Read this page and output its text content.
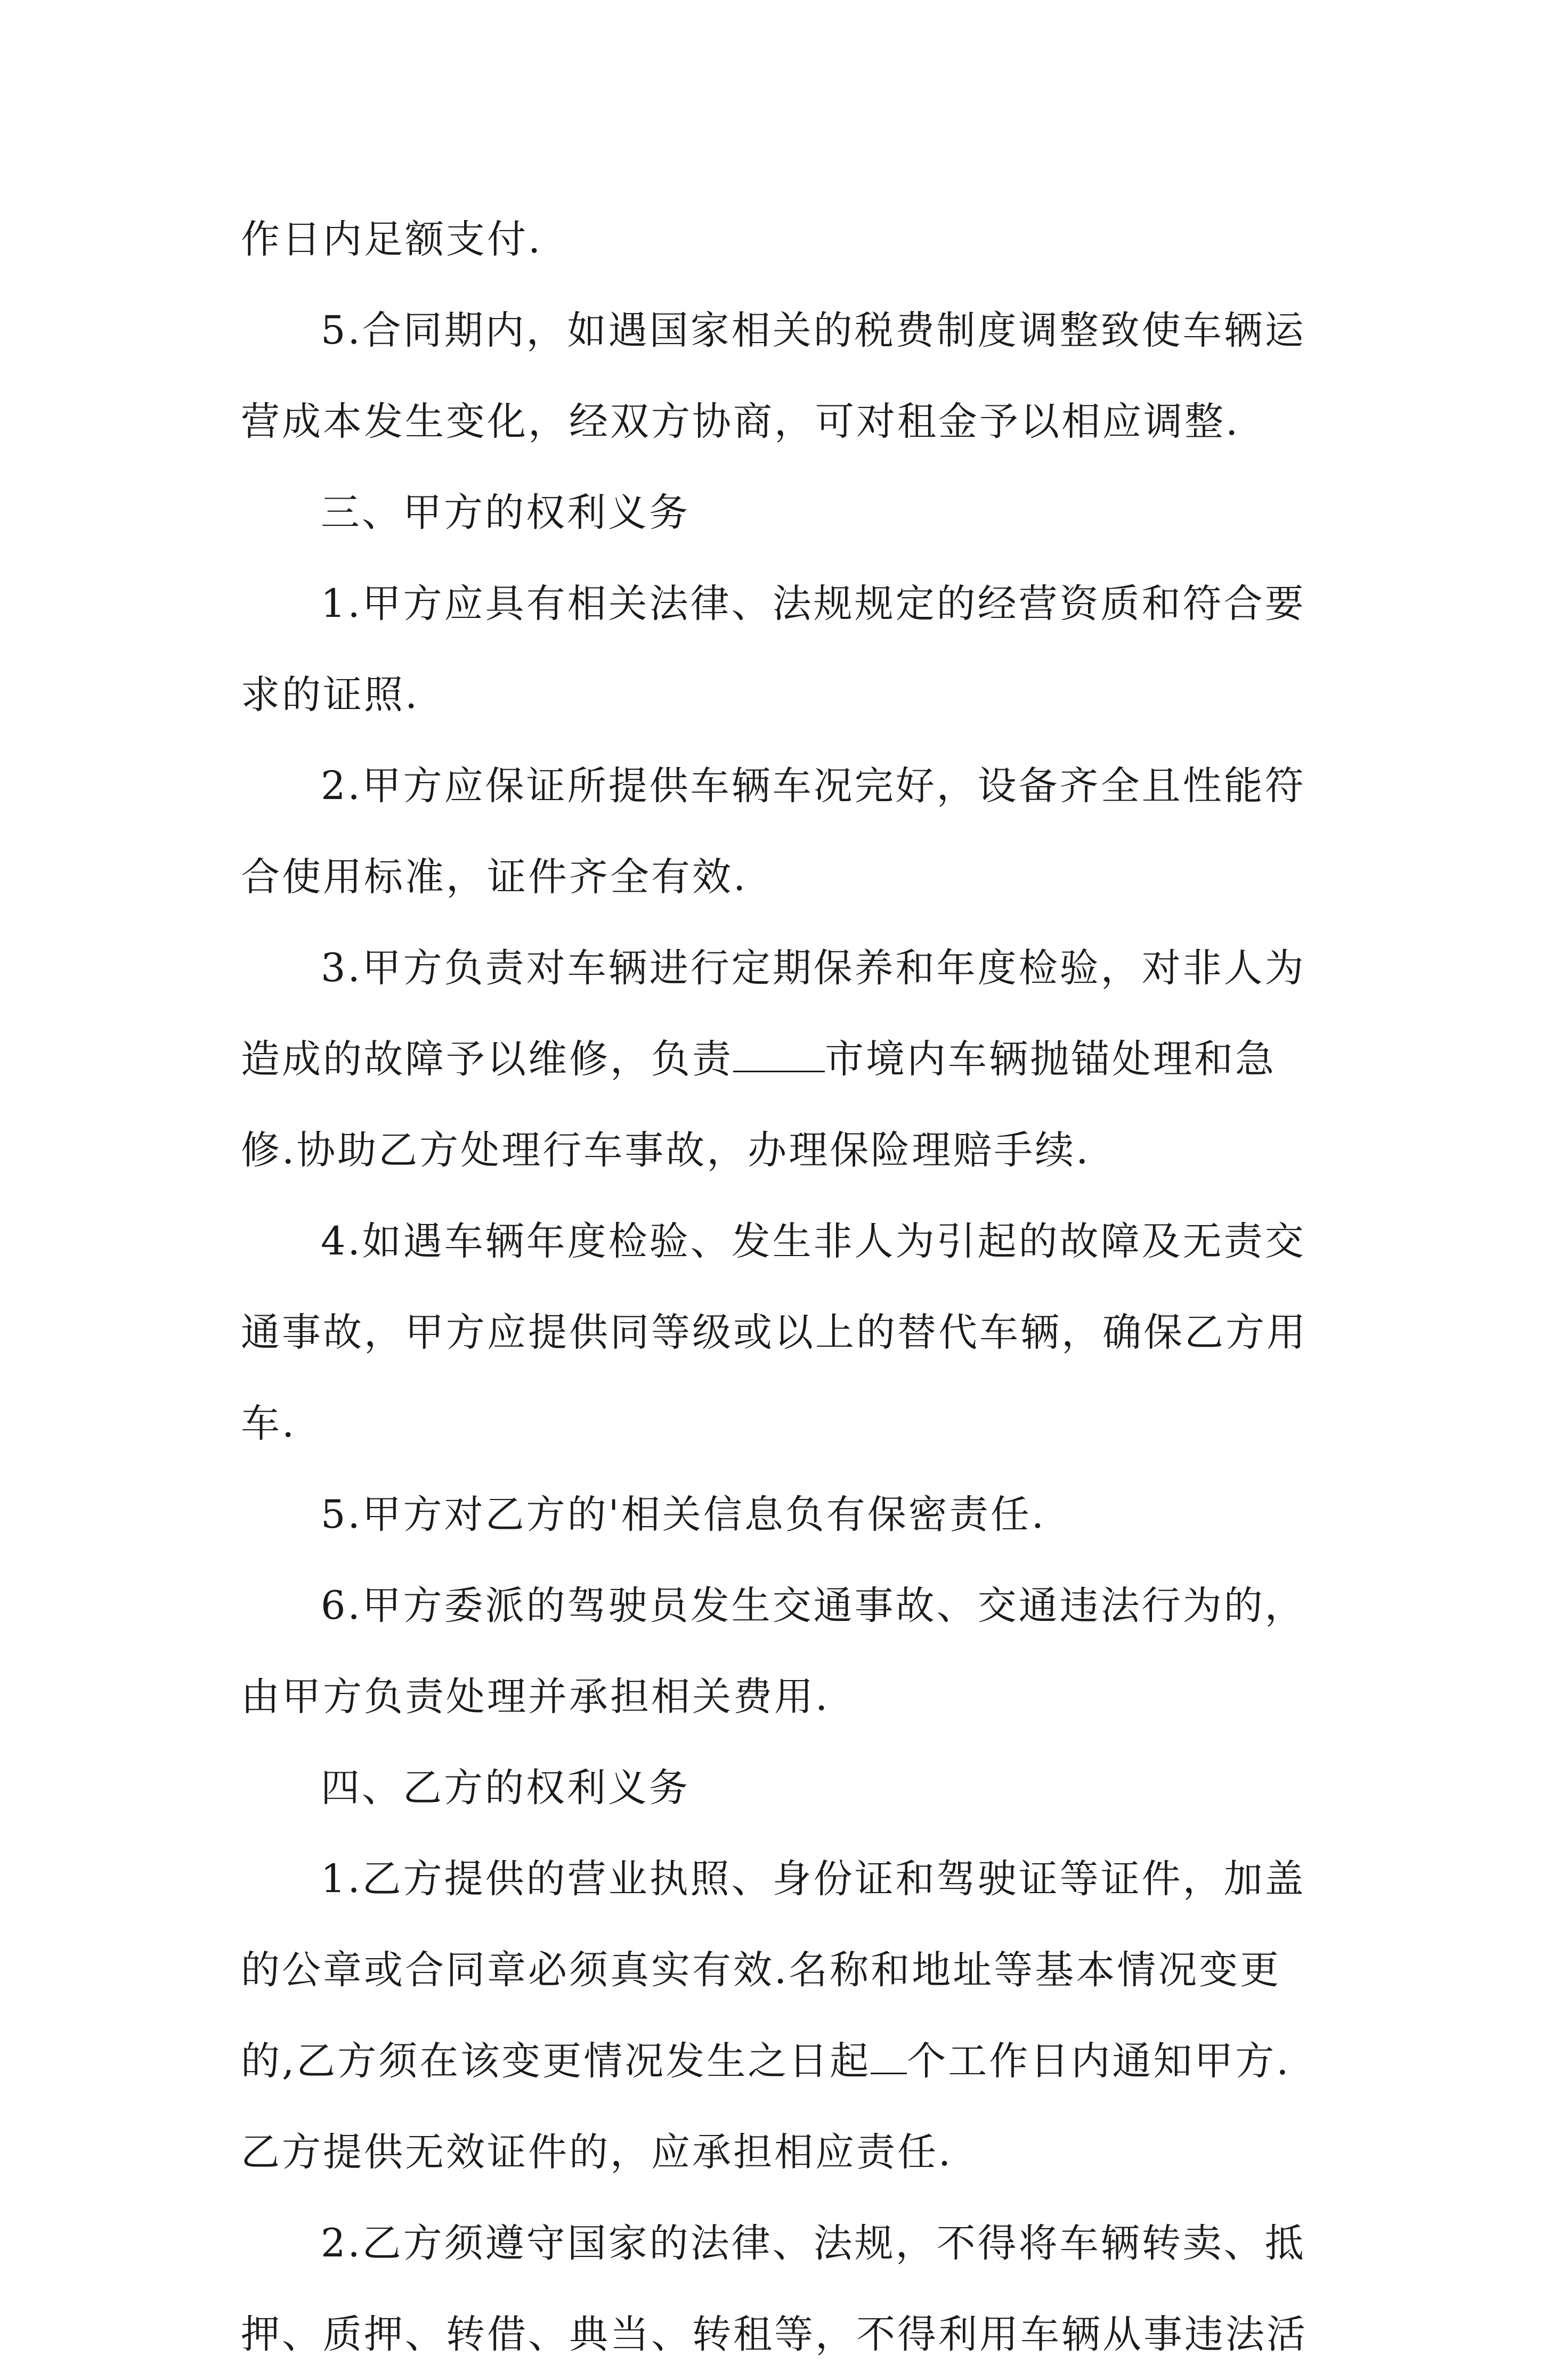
作日内足额支付.
5.合同期内，如遇国家相关的税费制度调整致使车辆运
营成本发生变化，经双方协商，可对租金予以相应调整.
三、甲方的权利义务
1.甲方应具有相关法律、法规规定的经营资质和符合要
求的证照.
2.甲方应保证所提供车辆车况完好，设备齐全且性能符
合使用标准，证件齐全有效.
3.甲方负责对车辆进行定期保养和年度检验，对非人为
造成的故障予以维修，负责 市境内车辆抛锚处理和急
修.协助乙方处理行车事故，办理保险理赔手续.
4.如遇车辆年度检验、发生非人为引起的故障及无责交
通事故，甲方应提供同等级或以上的替代车辆，确保乙方用
车.
5.甲方对乙方的'相关信息负有保密责任.
6.甲方委派的驾驶员发生交通事故、交通违法行为的，
由甲方负责处理并承担相关费用.
四、乙方的权利义务
1.乙方提供的营业执照、身份证和驾驶证等证件，加盖
的公章或合同章必须真实有效.名称和地址等基本情况变更
的,乙方须在该变更情况发生之日起 个工作日内通知甲方.
乙方提供无效证件的，应承担相应责任.
2.乙方须遵守国家的法律、法规，不得将车辆转卖、抵
押、质押、转借、典当、转租等，不得利用车辆从事违法活
